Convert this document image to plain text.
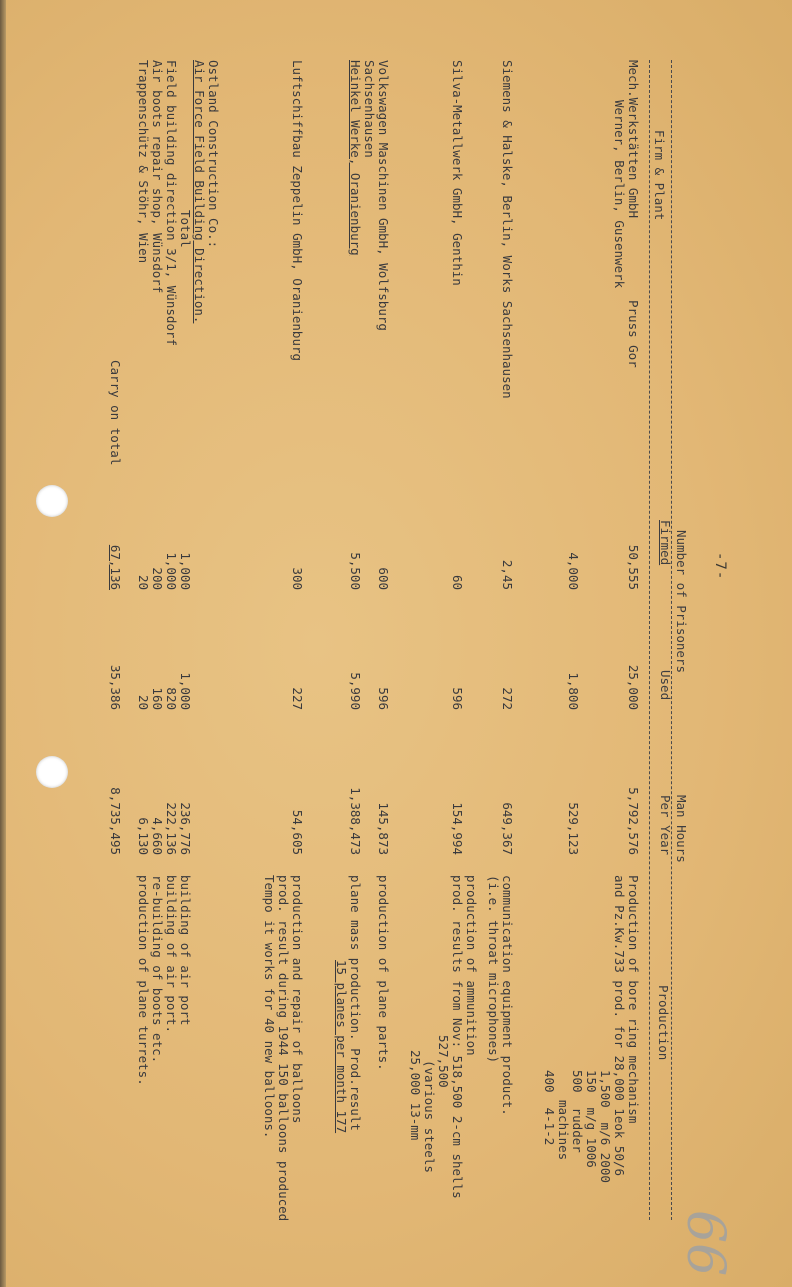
-7-
66
Number of Prisoners
Man Hours
Firm & Plant
Firmed
Used
Per Year
Production
Mech.Werkstätten GmbH
Pruss Gor
Werner, Berlin, Gusenwerk
50,555
25,000
5,792,576
Production of bore ring mechanism
and Pz.Kw.733 prod. for 28,000 1eok 50/6
1,500  m/6 2000
150  m/g 1006
500  rudder
machines
400  4-1-2
4,000
1,800
529,123
Siemens & Halske, Berlin, Works Sachsenhausen
2,45
272
649,367
communication equipment product.
(i.e. throat microphones)
Silva-Metallwerk GmbH, Genthin
60
596
154,994
production of ammunition
prod. results from Nov: 518,500 2-cm shells
527,500
(various steels
25,000 13-mm
Volkswagen Maschinen GmbH, Wolfsburg
Sachsenhausen
Heinkel Werke, Oranienburg
600
596
145,873
production of plane parts.
5,500
5,990
1,388,473
plane mass production. Prod.result
15 planes per month 177
Luftschiffbau Zeppelin GmbH, Oranienburg
300
227
54,605
production and repair of balloons
prod. result during 1944 150 balloons produced
Tempo it works for 40 new balloons.
Ostland Construction Co.:
Air Force Field Building Direction.
Total
1,000
1,000
236,776
Field building direction 3/1, Wünsdorf
1,000
820
222,136
building of air port
building of air port.
Air boots repair shop, Wünsdorf
200
160
4,660
re-building of boots etc.
Trappenschütz & Stöhr, Wien
20
20
6,130
production of plane turrets.
Carry on total
67,136
35,386
8,735,495
